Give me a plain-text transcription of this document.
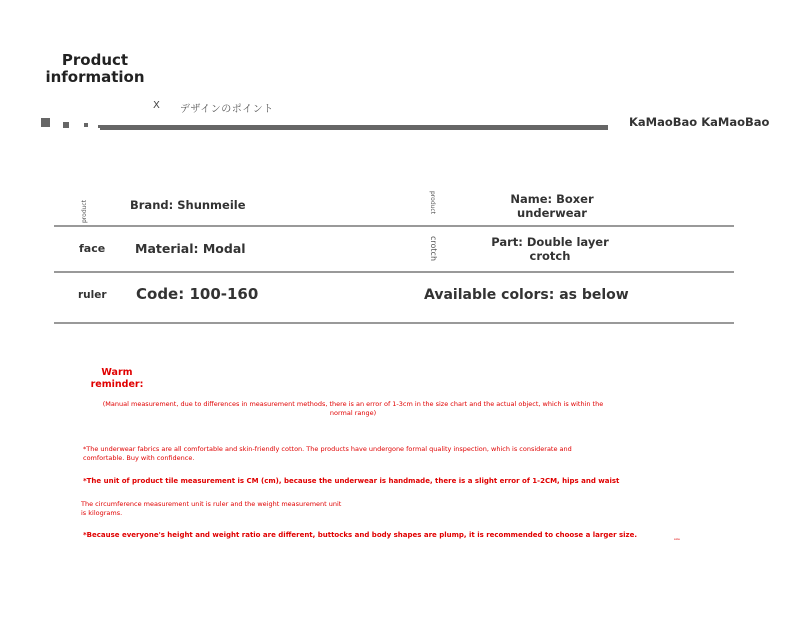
Product information
X デザインのポイント
KaMaoBao KaMaoBao
product	Brand: Shunmeile	product	Name: Boxer underwear
face Material: Modal	crotch	Part: Double layer crotch
ruler Code: 100-160	Available colors: as below
Warm reminder:
(Manual measurement, due to differences in measurement methods, there is an error of 1-3cm in the size chart and the actual object, which is within the normal range)
*The underwear fabrics are all comfortable and skin-friendly cotton. The products have undergone formal quality inspection, which is considerate and comfortable. Buy with confidence.
*The unit of product tile measurement is CM (cm), because the underwear is handmade, there is a slight error of 1-2CM, hips and waist
The circumference measurement unit is ruler and the weight measurement unit is kilograms.
*Because everyone's height and weight ratio are different, buttocks and body shapes are plump, it is recommended to choose a larger size.	size
